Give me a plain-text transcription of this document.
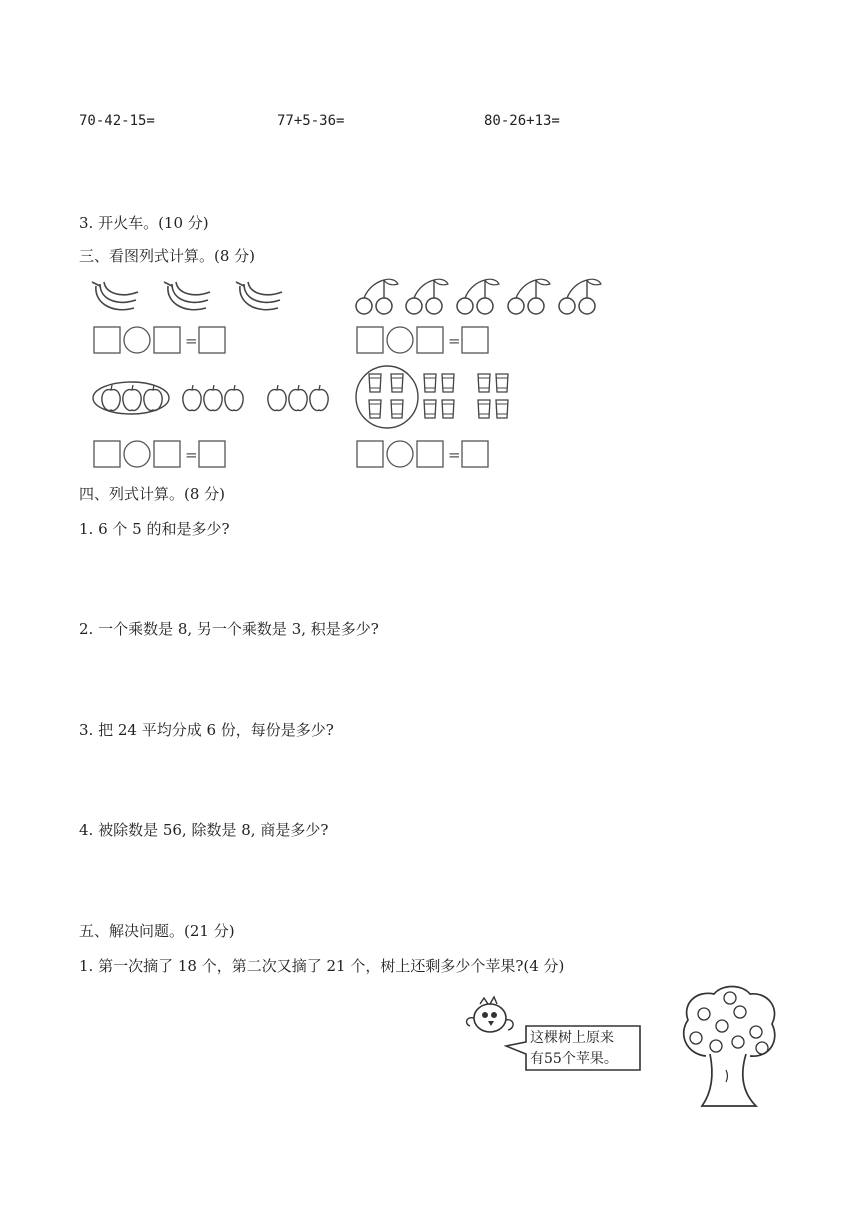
70-42-15=	77+5-36=	80-26+13=
3. 开火车。(10 分)
三、看图列式计算。(8 分)
=	=
=	=
四、列式计算。(8 分)
1. 6 个 5 的和是多少?
2. 一个乘数是 8, 另一个乘数是 3, 积是多少?
3. 把 24 平均分成 6 份，每份是多少?
4. 被除数是 56, 除数是 8, 商是多少?
五、解决问题。(21 分)
1. 第一次摘了 18 个，第二次又摘了 21 个，树上还剩多少个苹果?(4 分)
这棵树上原来
有55个苹果。
